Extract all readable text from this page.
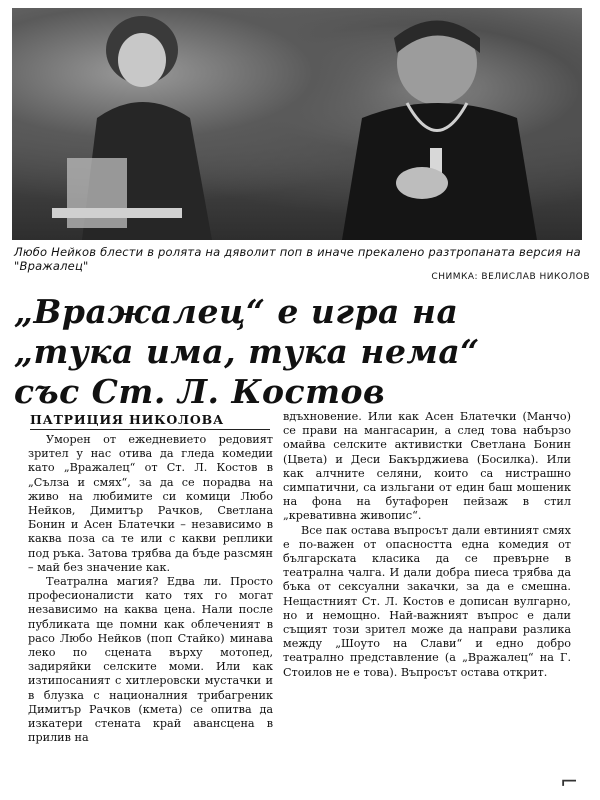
Любо Нейков блести в ролята на дяволит поп в иначе прекалено разтропаната версия на "Вражалец"
СНИМКА: ВЕЛИСЛАВ НИКОЛОВ
„Вражалец“ е игра на
„тука има, тука нема“
със Ст. Л. Костов
ПАТРИЦИЯ НИКОЛОВА

Уморен от ежедневието редовият зрител у нас отива да гледа комедии като „Вражалец“ от Ст. Л. Костов в „Сълза и смях“, за да се порадва на живо на любимите си комици Любо Нейков, Димитър Рачков, Светлана Бонин и Асен Блатечки – независимо в каква поза са те или с какви реплики под ръка. Затова трябва да бъде разсмян – май без значение как.

Театрална магия? Едва ли. Просто професионалисти като тях го могат независимо на каква цена. Нали после публиката ще помни как облеченият в расо Любо Нейков (поп Стайко) минава леко по сцената върху мотопед, задиряйки селските моми. Или как изтипосаният с хитлеровски мустачки и в блузка с националния трибагреник Димитър Рачков (кмета) се опитва да изкатери стената край авансцена в прилив на

вдъхновение. Или как Асен Блатечки (Манчо) се прави на мангасарин, а след това набързо омайва селските активистки Светлана Бонин (Цвета) и Деси Бакърджиева (Босилка). Или как алчните селяни, които са нистрашно симпатични, са изльгани от един баш мошеник на фона на бутафорен пейзаж в стил „кревативна живопис“.

Все пак остава въпросът дали евтиният смях е по-важен от опасността една комедия от българската класика да се превърне в театрална чалга. И дали добра пиеса трябва да бъка от сексуални закачки, за да е смешна. Нещастният Ст. Л. Костов е дописан вулгарно, но и немощно. Най-важният въпрос е дали същият този зрител може да направи разлика между „Шоуто на Слави“ и едно добро театрално представление (а „Вражалец“ на Г. Стоилов не е това). Въпросът остава открит.

⌐
